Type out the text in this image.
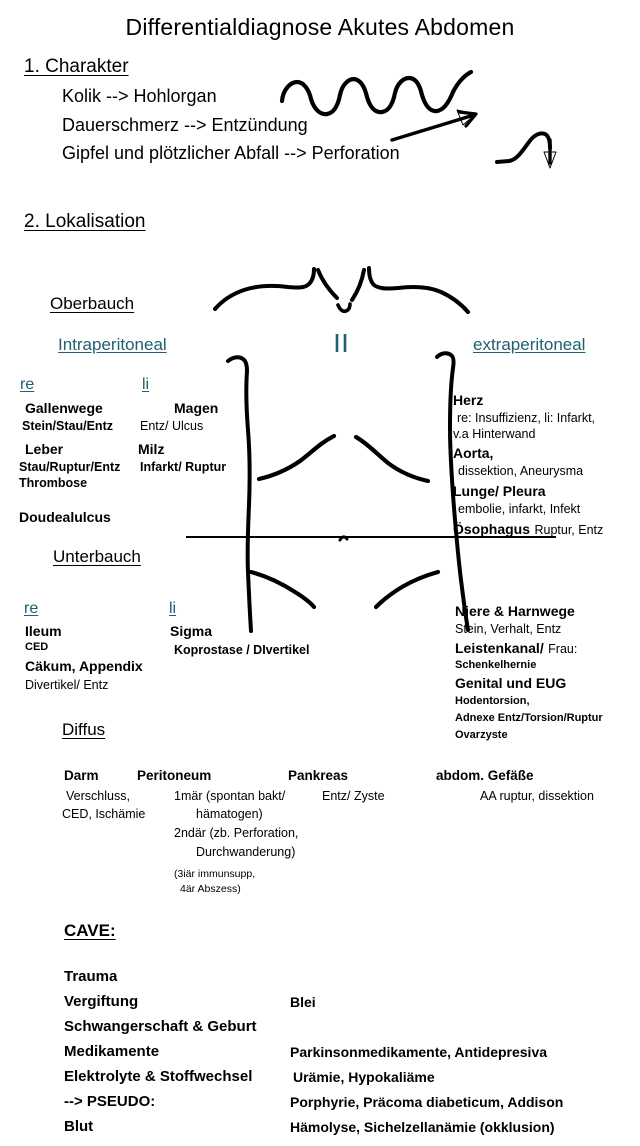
Differentialdiagnose Akutes Abdomen
1. Charakter
Kolik --> Hohlorgan
Dauerschmerz --> Entzündung
Gipfel und plötzlicher Abfall --> Perforation
2. Lokalisation
Oberbauch
Intraperitoneal	extraperitoneal
re
Gallenwege
Stein/Stau/Entz
Leber
Stau/Ruptur/Entz
Thrombose
Doudealulcus
li
Magen
Entz/ Ulcus
Milz
Infarkt/ Ruptur
Herz
re: Insuffizienz, li: Infarkt,
v.a Hinterwand
Aorta,
dissektion, Aneurysma
Lunge/ Pleura
embolie, infarkt, Infekt
Ösophagus Ruptur, Entz
Unterbauch
re
Ileum
CED
Cäkum, Appendix
Divertikel/ Entz
li
Sigma
Koprostase / DIvertikel
Niere & Harnwege
Stein, Verhalt, Entz
Leistenkanal/ Frau:
Schenkelhernie
Genital und EUG
Hodentorsion,
Adnexe Entz/Torsion/Ruptur
Ovarzyste
Diffus
Darm
Verschluss,
CED, Ischämie
Peritoneum
1mär (spontan bakt/
hämatogen)
2ndär (zb. Perforation,
Durchwanderung)
(3iär immunsupp,
4är Abszess)
Pankreas
Entz/ Zyste
abdom. Gefäße
AA ruptur, dissektion
CAVE:
Trauma
Vergiftung	Blei
Schwangerschaft & Geburt
Medikamente	Parkinsonmedikamente, Antidepresiva
Elektrolyte & Stoffwechsel	Urämie, Hypokaliäme
--> PSEUDO:	Porphyrie, Präcoma diabeticum, Addison
Blut	Hämolyse, Sichelzellanämie (okklusion)
